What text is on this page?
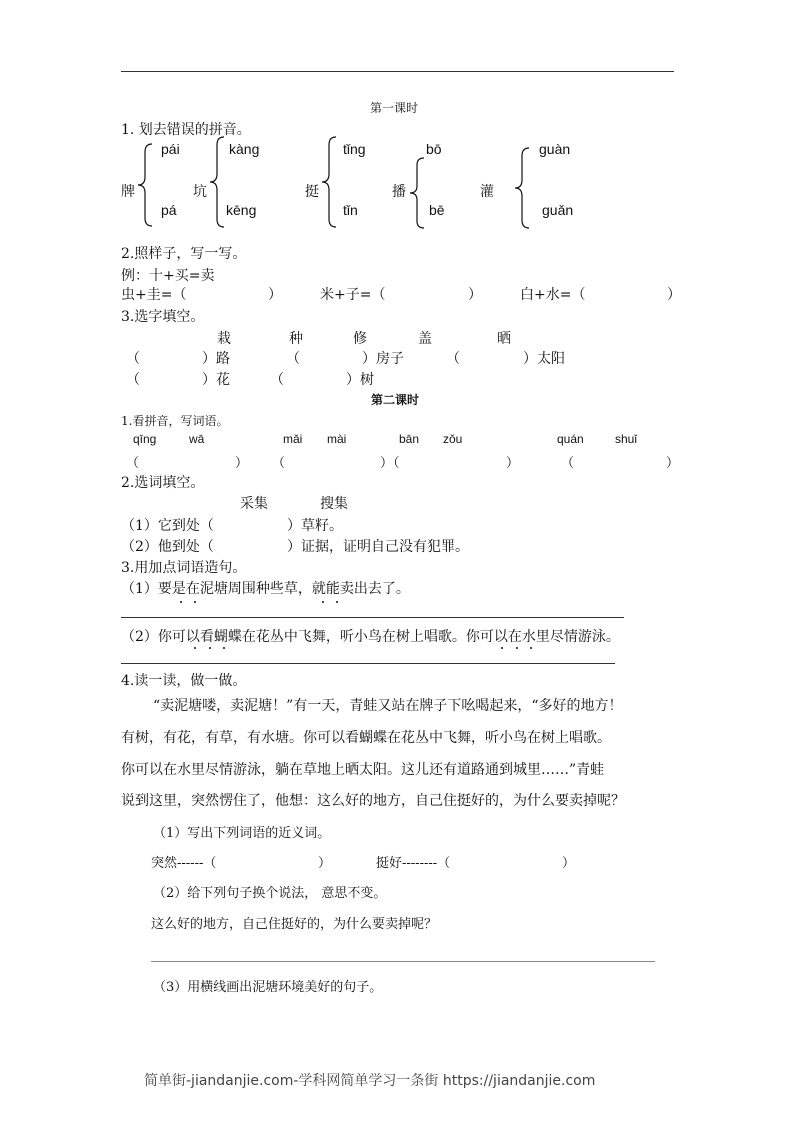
第一课时
1. 划去错误的拼音。
牌
pái
pá
坑
kàng
kēng
挺
tǐng
tǐn
播
bō
bē
灌
guàn
guǎn
2.照样子，写一写。
例：十+买=卖
虫+圭=（	）	米+子=（	）	白+水=（	）
3.选字填空。
栽	种	修	盖	晒
（	）路	（	）房子	（	）太阳
（	）花	（	）树
第二课时
1.看拼音，写词语。
qīng	wā	mǎi mài	bān zǒu	quán	shuǐ
（	） （	）（	）	（	）
2.选词填空。
采集	搜集
（1）它到处（	）草籽。
（2）他到处（	）证据，证明自己没有犯罪。
3.用加点词语造句。
（1）要是在泥塘周围种些草，就能卖出去了。
（2）你可以看蝴蝶在花丛中飞舞，听小鸟在树上唱歌。你可以在水里尽情游泳。
4.读一读，做一做。
“卖泥塘喽，卖泥塘！”有一天，青蛙又站在牌子下吆喝起来，“多好的地方！
有树，有花，有草，有水塘。你可以看蝴蝶在花丛中飞舞，听小鸟在树上唱歌。
你可以在水里尽情游泳，躺在草地上晒太阳。这儿还有道路通到城里……”青蛙
说到这里，突然愣住了，他想：这么好的地方，自己住挺好的，为什么要卖掉呢？
（1）写出下列词语的近义词。
突然------（	）	挺好--------（	）
（2）给下列句子换个说法， 意思不变。
这么好的地方，自己住挺好的，为什么要卖掉呢？
（3）用横线画出泥塘环境美好的句子。
简单街-jiandanjie.com-学科网简单学习一条街 https://jiandanjie.com
